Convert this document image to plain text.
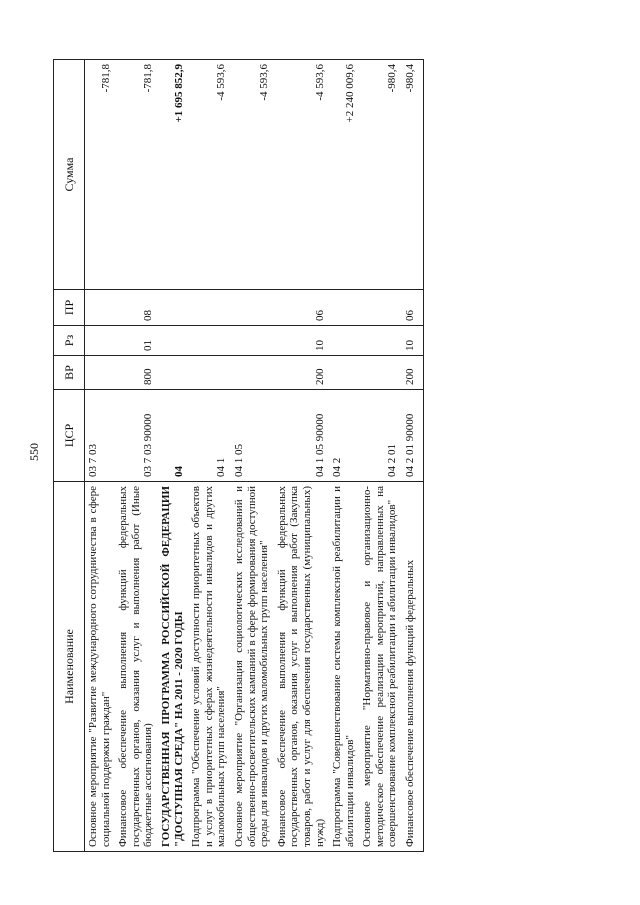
550
Наименование	ЦСР	ВР	Рз	ПР	Сумма
Основное мероприятие "Развитие международного сотрудничества в сфере социальной поддержки граждан"	03 7 03				-781,8
Финансовое обеспечение выполнения функций федеральных государственных органов, оказания услуг и выполнения работ (Иные бюджетные ассигнования)	03 7 03 90000	800	01	08	-781,8
ГОСУДАРСТВЕННАЯ ПРОГРАММА РОССИЙСКОЙ ФЕДЕРАЦИИ "ДОСТУПНАЯ СРЕДА" НА 2011 - 2020 ГОДЫ	04				+1 695 852,9
Подпрограмма "Обеспечение условий доступности приоритетных объектов и услуг в приоритетных сферах жизнедеятельности инвалидов и других маломобильных групп населения"	04 1				-4 593,6
Основное мероприятие "Организация социологических исследований и общественно-просветительских кампаний в сфере формирования доступной среды для инвалидов и других маломобильных групп населения"	04 1 05				-4 593,6
Финансовое обеспечение выполнения функций федеральных государственных органов, оказания услуг и выполнения работ (Закупка товаров, работ и услуг для обеспечения государственных (муниципальных) нужд)	04 1 05 90000	200	10	06	-4 593,6
Подпрограмма "Совершенствование системы комплексной реабилитации и абилитации инвалидов"	04 2				+2 240 009,6
Основное мероприятие "Нормативно-правовое и организационно-методическое обеспечение реализации мероприятий, направленных на совершенствование комплексной реабилитации и абилитации инвалидов"	04 2 01				-980,4
Финансовое обеспечение выполнения функций федеральных	04 2 01 90000	200	10	06	-980,4
